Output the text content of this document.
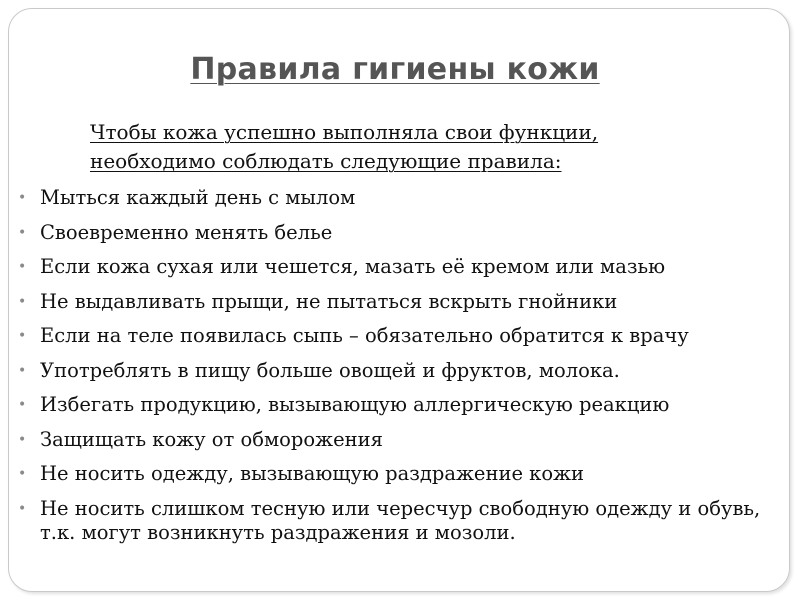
Правила гигиены кожи

Чтобы кожа успешно выполняла свои функции,
необходимо соблюдать следующие правила:

• Мыться каждый день с мылом
• Своевременно менять белье
• Если кожа сухая или чешется, мазать её кремом или мазью
• Не выдавливать прыщи, не пытаться вскрыть гнойники
• Если на теле появилась сыпь – обязательно обратится к врачу
• Употреблять в пищу больше овощей и фруктов, молока.
• Избегать продукцию, вызывающую аллергическую реакцию
• Защищать кожу от обморожения
• Не носить одежду, вызывающую раздражение кожи
• Не носить слишком тесную или чересчур свободную одежду и обувь, т.к. могут возникнуть раздражения и мозоли.
